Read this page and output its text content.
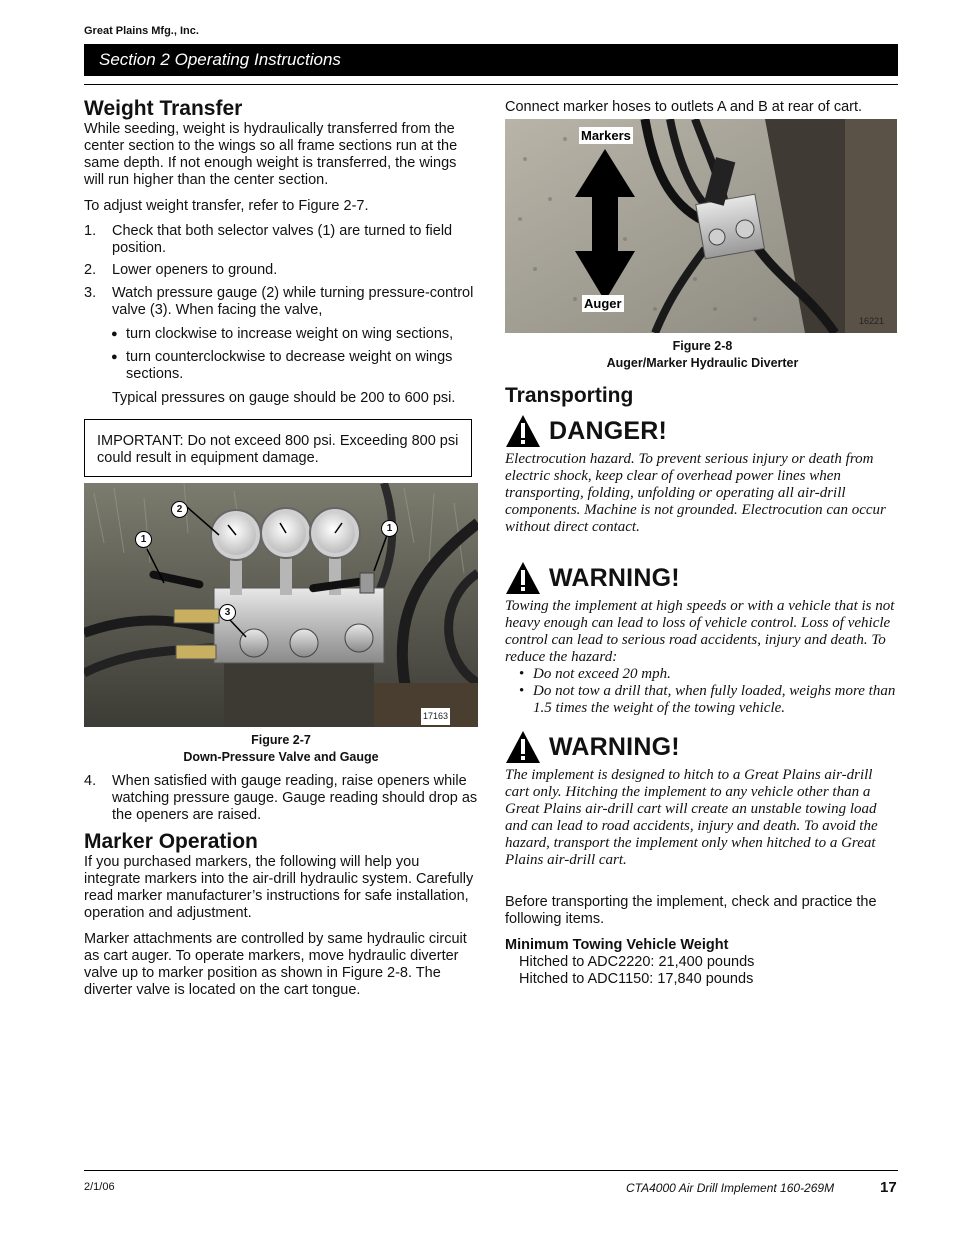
Great Plains Mfg., Inc.
Section 2 Operating Instructions
Weight Transfer

While seeding, weight is hydraulically transferred from the center section to the wings so all frame sections run at the same depth. If not enough weight is transferred, the wings will run higher than the center section.

To adjust weight transfer, refer to Figure 2-7.

1. Check that both selector valves (1) are turned to field position.
2. Lower openers to ground.
3. Watch pressure gauge (2) while turning pressure-control valve (3). When facing the valve,
● turn clockwise to increase weight on wing sections,
● turn counterclockwise to decrease weight on wings sections.

Typical pressures on gauge should be 200 to 600 psi.

IMPORTANT: Do not exceed 800 psi. Exceeding 800 psi could result in equipment damage.
2
1
1
3
17163
Figure 2-7
Down-Pressure Valve and Gauge
4. When satisfied with gauge reading, raise openers while watching pressure gauge. Gauge reading should drop as the openers are raised.
Marker Operation

If you purchased markers, the following will help you integrate markers into the air-drill hydraulic system. Carefully read marker manufacturer’s instructions for safe installation, operation and adjustment.

Marker attachments are controlled by same hydraulic circuit as cart auger. To operate markers, move hydraulic diverter valve up to marker position as shown in Figure 2-8. The diverter valve is located on the cart tongue.

Connect marker hoses to outlets A and B at rear of cart.

Markers
Auger
16221
Figure 2-8
Auger/Marker Hydraulic Diverter
Transporting
DANGER!
Electrocution hazard. To prevent serious injury or death from electric shock, keep clear of overhead power lines when transporting, folding, unfolding or operating all air-drill components. Machine is not grounded. Electrocution can occur without direct contact.
WARNING!
Towing the implement at high speeds or with a vehicle that is not heavy enough can lead to loss of vehicle control. Loss of vehicle control can lead to serious road accidents, injury and death. To reduce the hazard:
• Do not exceed 20 mph.
• Do not tow a drill that, when fully loaded, weighs more than 1.5 times the weight of the towing vehicle.
WARNING!
The implement is designed to hitch to a Great Plains air-drill cart only. Hitching the implement to any vehicle other than a Great Plains air-drill cart will create an unstable towing load and can lead to road accidents, injury and death. To avoid the hazard, transport the implement only when hitched to a Great Plains air-drill cart.

Before transporting the implement, check and practice the following items.

Minimum Towing Vehicle Weight

Hitched to ADC2220: 21,400 pounds

Hitched to ADC1150: 17,840 pounds

2/1/06	CTA4000 Air Drill Implement 160-269M	17
